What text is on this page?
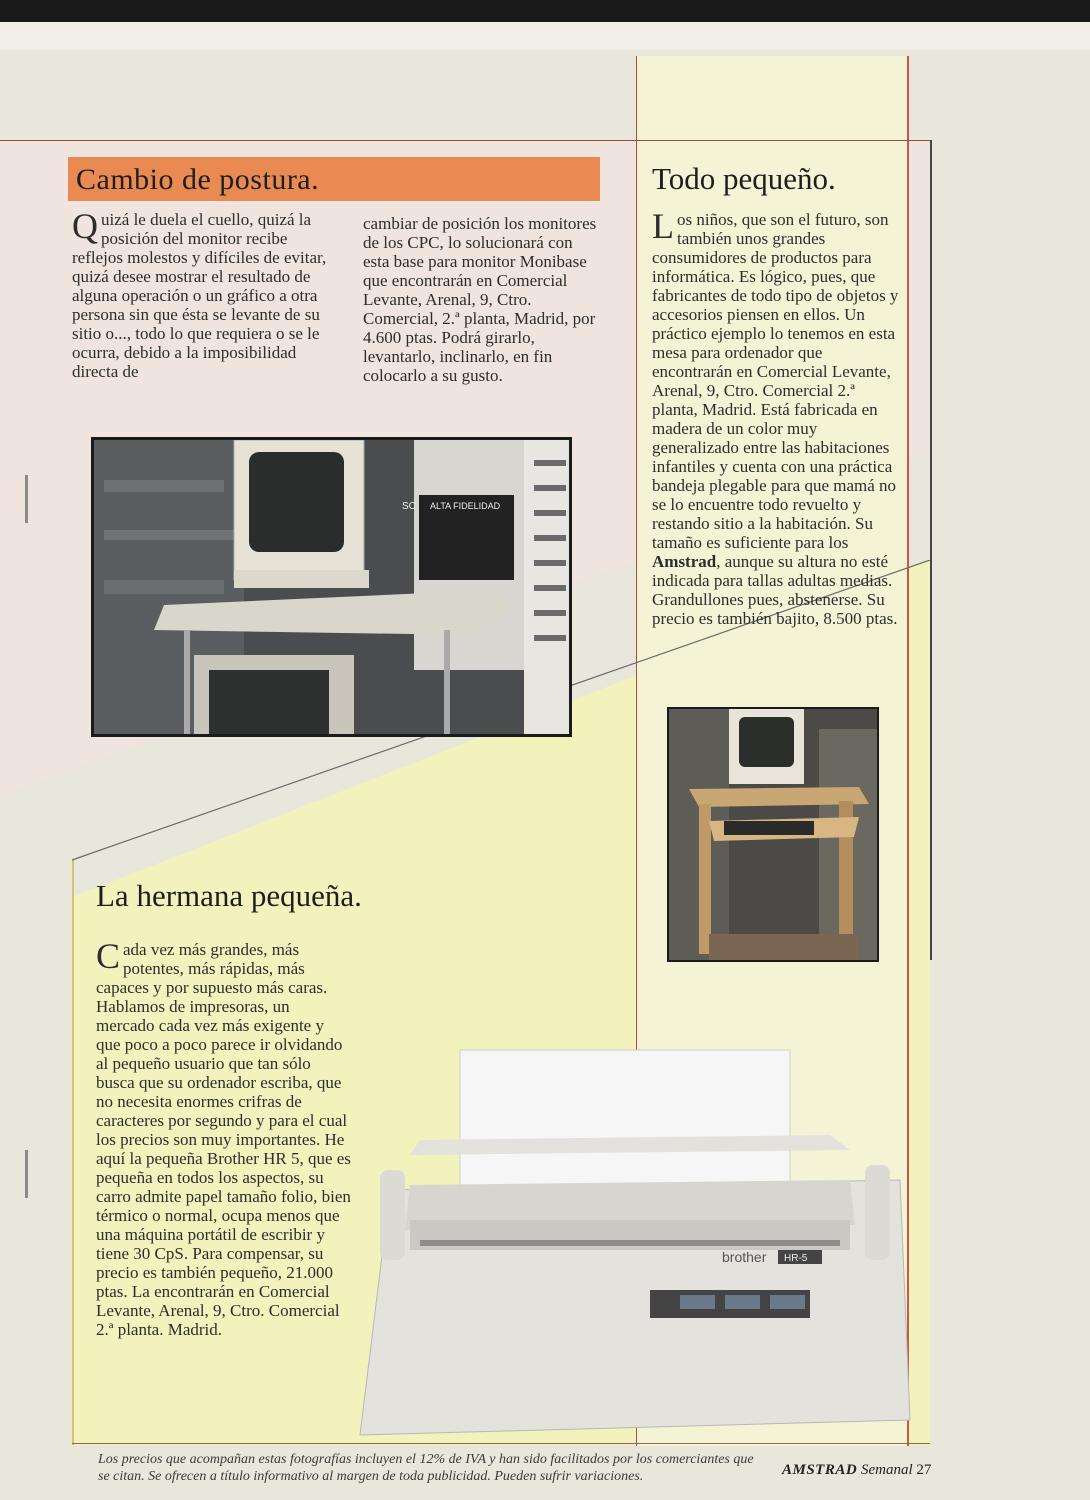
Cambio de postura.

Quizá le duela el cuello, quizá la posición del monitor recibe reflejos molestos y difíciles de evitar, quizá desee mostrar el resultado de alguna operación o un gráfico a otra persona sin que ésta se levante de su sitio o..., todo lo que requiera o se le ocurra, debido a la imposibilidad directa de

cambiar de posición los monitores de los CPC, lo solucionará con esta base para monitor Monibase que encontrarán en Comercial Levante, Arenal, 9, Ctro. Comercial, 2.ª planta, Madrid, por 4.600 ptas. Podrá girarlo, levantarlo, inclinarlo, en fin colocarlo a su gusto.

SC ALTA FIDELIDAD
Todo pequeño.

Los niños, que son el futuro, son también unos grandes consumidores de productos para informática. Es lógico, pues, que fabricantes de todo tipo de objetos y accesorios piensen en ellos. Un práctico ejemplo lo tenemos en esta mesa para ordenador que encontrarán en Comercial Levante, Arenal, 9, Ctro. Comercial 2.ª planta, Madrid. Está fabricada en madera de un color muy generalizado entre las habitaciones infantiles y cuenta con una práctica bandeja plegable para que mamá no se lo encuentre todo revuelto y restando sitio a la habitación. Su tamaño es suficiente para los Amstrad, aunque su altura no esté indicada para tallas adultas medias. Grandullones pues, abstenerse. Su precio es también bajito, 8.500 ptas.

La hermana pequeña.

Cada vez más grandes, más potentes, más rápidas, más capaces y por supuesto más caras. Hablamos de impresoras, un mercado cada vez más exigente y que poco a poco parece ir olvidando al pequeño usuario que tan sólo busca que su ordenador escriba, que no necesita enormes crifras de caracteres por segundo y para el cual los precios son muy importantes. He aquí la pequeña Brother HR 5, que es pequeña en todos los aspectos, su carro admite papel tamaño folio, bien térmico o normal, ocupa menos que una máquina portátil de escribir y tiene 30 CpS. Para compensar, su precio es también pequeño, 21.000 ptas. La encontrarán en Comercial Levante, Arenal, 9, Ctro. Comercial 2.ª planta. Madrid.

brother HR-5
Los precios que acompañan estas fotografías incluyen el 12% de IVA y han sido facilitados por los comerciantes que se citan. Se ofrecen a título informativo al margen de toda publicidad. Pueden sufrir variaciones.	AMSTRAD Semanal 27
